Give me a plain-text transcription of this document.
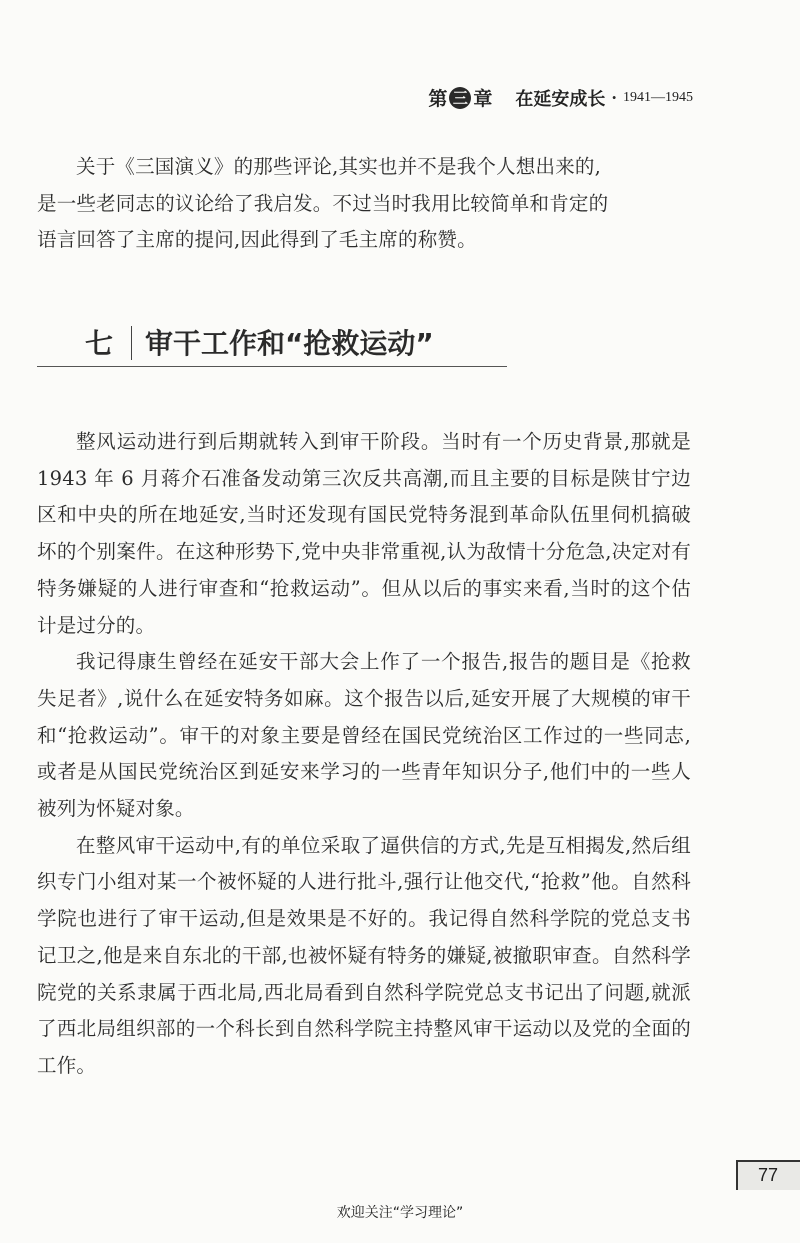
第 三 章 在延安成长 · 1941—1945

关于《三国演义》的那些评论,其实也并不是我个人想出来的,

是一些老同志的议论给了我启发。不过当时我用比较简单和肯定的

语言回答了主席的提问,因此得到了毛主席的称赞。

七 审干工作和“抢救运动”

整风运动进行到后期就转入到审干阶段。当时有一个历史背景,那就是 1943 年 6 月蒋介石准备发动第三次反共高潮,而且主要的目标是陕甘宁边区和中央的所在地延安,当时还发现有国民党特务混到革命队伍里伺机搞破坏的个别案件。在这种形势下,党中央非常重视,认为敌情十分危急,决定对有特务嫌疑的人进行审查和“抢救运动”。但从以后的事实来看,当时的这个估计是过分的。

我记得康生曾经在延安干部大会上作了一个报告,报告的题目是《抢救失足者》,说什么在延安特务如麻。这个报告以后,延安开展了大规模的审干和“抢救运动”。审干的对象主要是曾经在国民党统治区工作过的一些同志,或者是从国民党统治区到延安来学习的一些青年知识分子,他们中的一些人被列为怀疑对象。

在整风审干运动中,有的单位采取了逼供信的方式,先是互相揭发,然后组织专门小组对某一个被怀疑的人进行批斗,强行让他交代,“抢救”他。自然科学院也进行了审干运动,但是效果是不好的。我记得自然科学院的党总支书记卫之,他是来自东北的干部,也被怀疑有特务的嫌疑,被撤职审查。自然科学院党的关系隶属于西北局,西北局看到自然科学院党总支书记出了问题,就派了西北局组织部的一个科长到自然科学院主持整风审干运动以及党的全面的工作。

77
欢迎关注“学习理论”
